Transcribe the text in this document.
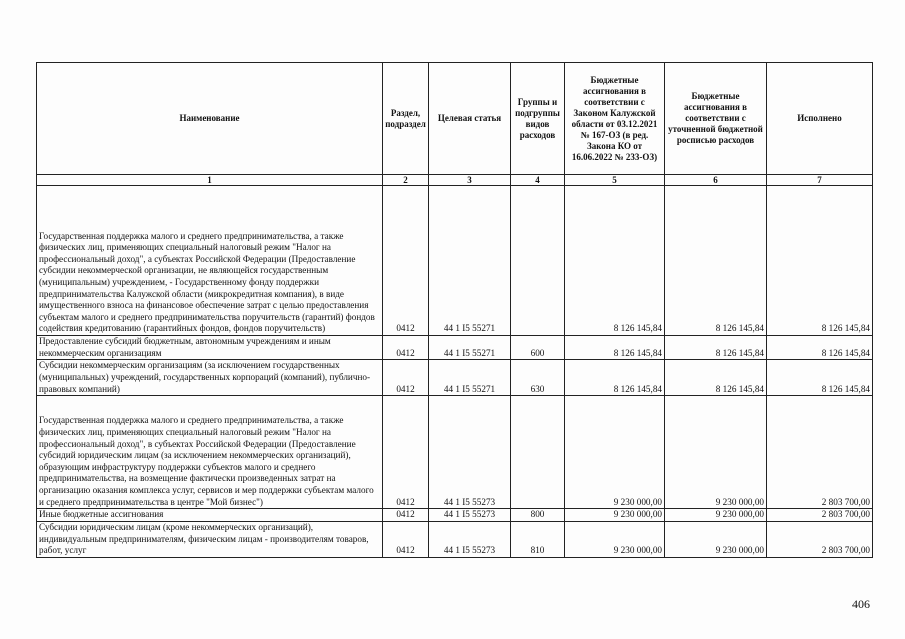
Наименование	Раздел, подраздел	Целевая статья	Группы и подгруппы видов расходов	Бюджетные ассигнования в соответствии с Законом Калужской области от 03.12.2021 № 167-ОЗ (в ред. Закона КО от 16.06.2022 № 233-ОЗ)	Бюджетные ассигнования в соответствии с уточненной бюджетной росписью расходов	Исполнено
1	2	3	4	5	6	7
Государственная поддержка малого и среднего предпринимательства, а также физических лиц, применяющих специальный налоговый режим "Налог на профессиональный доход", а субъектах Российской Федерации (Предоставление субсидии некоммерческой организации, не являющейся государственным (муниципальным) учреждением, - Государственному фонду поддержки предпринимательства Калужской области (микрокредитная компания), в виде имущественного взноса на финансовое обеспечение затрат с целью предоставления субъектам малого и среднего предпринимательства поручительств (гарантий) фондов содействия кредитованию (гарантийных фондов, фондов поручительств)	0412	44 1 I5 55271		8 126 145,84	8 126 145,84	8 126 145,84
Предоставление субсидий бюджетным, автономным учреждениям и иным некоммерческим организациям	0412	44 1 I5 55271	600	8 126 145,84	8 126 145,84	8 126 145,84
Субсидии некоммерческим организациям (за исключением государственных (муниципальных) учреждений, государственных корпораций (компаний), публично-правовых компаний)	0412	44 1 I5 55271	630	8 126 145,84	8 126 145,84	8 126 145,84
Государственная поддержка малого и среднего предпринимательства, а также физических лиц, применяющих специальный налоговый режим "Налог на профессиональный доход", в субъектах Российской Федерации (Предоставление субсидий юридическим лицам (за исключением некоммерческих организаций), образующим инфраструктуру поддержки субъектов малого и среднего предпринимательства, на возмещение фактически произведенных затрат на организацию оказания комплекса услуг, сервисов и мер поддержки субъектам малого и среднего предпринимательства в центре "Мой бизнес")	0412	44 1 I5 55273		9 230 000,00	9 230 000,00	2 803 700,00
Иные бюджетные ассигнования	0412	44 1 I5 55273	800	9 230 000,00	9 230 000,00	2 803 700,00
Субсидии юридическим лицам (кроме некоммерческих организаций), индивидуальным предпринимателям, физическим лицам - производителям товаров, работ, услуг	0412	44 1 I5 55273	810	9 230 000,00	9 230 000,00	2 803 700,00
406
